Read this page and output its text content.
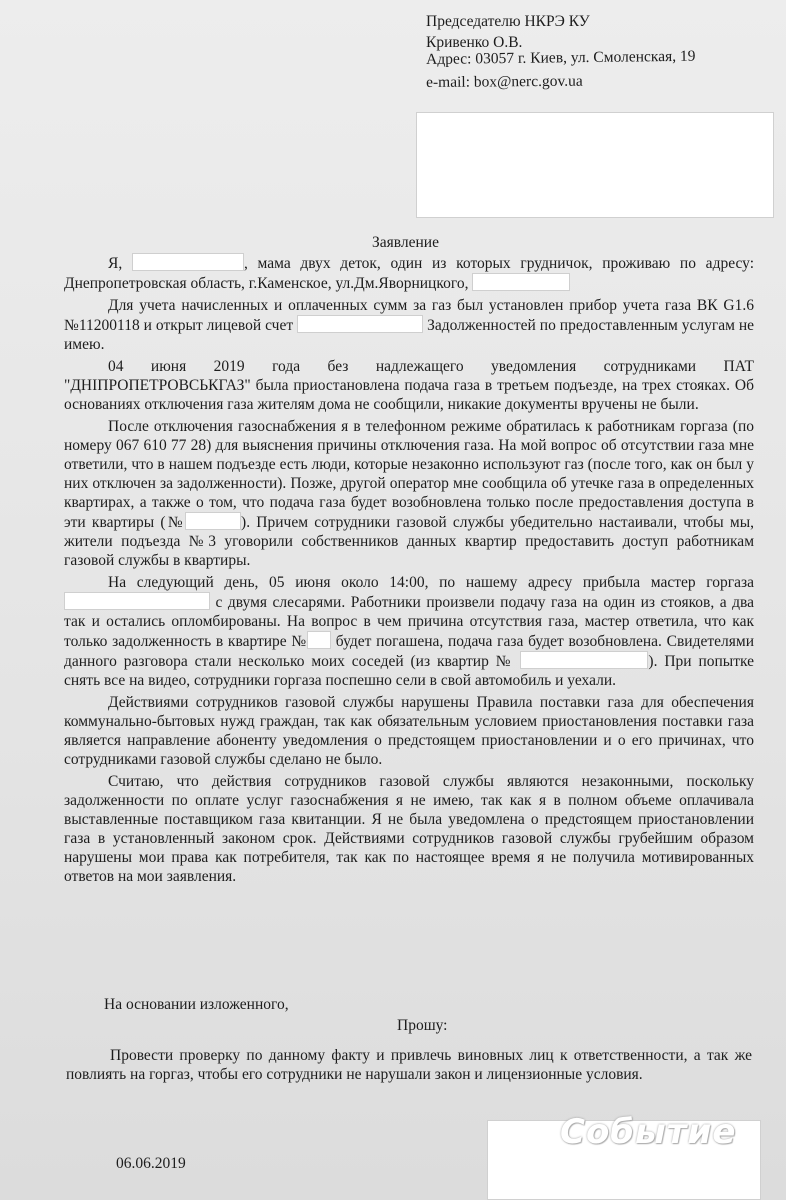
Председателю НКРЭ КУ
Кривенко О.В.
Адрес: 03057 г. Киев, ул. Смоленская, 19
e-mail: box@nerc.gov.ua
Заявление

Я,	, мама двух деток, один из которых грудничок, проживаю по адресу: Днепропетровская область, г.Каменское, ул.Дм.Яворницкого,

Для учета начисленных и оплаченных сумм за газ был установлен прибор учета газа ВК G1.6 №11200118 и открыт лицевой счет	Задолженностей по предоставленным услугам не имею.

04 июня 2019 года без надлежащего уведомления сотрудниками ПАТ "ДНІПРОПЕТРОВСЬКГАЗ" была приостановлена подача газа в третьем подъезде, на трех стояках. Об основаниях отключения газа жителям дома не сообщили, никакие документы вручены не были.

После отключения газоснабжения я в телефонном режиме обратилась к работникам горгаза (по номеру 067 610 77 28) для выяснения причины отключения газа. На мой вопрос об отсутствии газа мне ответили, что в нашем подъезде есть люди, которые незаконно используют газ (после того, как он был у них отключен за задолженности). Позже, другой оператор мне сообщила об утечке газа в определенных квартирах, а также о том, что подача газа будет возобновлена только после предоставления доступа в эти квартиры (№	). Причем сотрудники газовой службы убедительно настаивали, чтобы мы, жители подъезда №3 уговорили собственников данных квартир предоставить доступ работникам газовой службы в квартиры.

На следующий день, 05 июня около 14:00, по нашему адресу прибыла мастер горгаза  с двумя слесарями. Работники произвели подачу газа на один из стояков, а два так и остались опломбированы. На вопрос в чем причина отсутствия газа, мастер ответила, что как только задолженность в квартире № будет погашена, подача газа будет возобновлена. Свидетелями данного разговора стали несколько моих соседей (из квартир №	). При попытке снять все на видео, сотрудники горгаза поспешно сели в свой автомобиль и уехали.

Действиями сотрудников газовой службы нарушены Правила поставки газа для обеспечения коммунально-бытовых нужд граждан, так как обязательным условием приостановления поставки газа является направление абоненту уведомления о предстоящем приостановлении и о его причинах, что сотрудниками газовой службы сделано не было.

Считаю, что действия сотрудников газовой службы являются незаконными, поскольку задолженности по оплате услуг газоснабжения я не имею, так как я в полном объеме оплачивала выставленные поставщиком газа квитанции. Я не была уведомлена о предстоящем приостановлении газа в установленный законом срок. Действиями сотрудников газовой службы грубейшим образом нарушены мои права как потребителя, так как по настоящее время я не получила мотивированных ответов на мои заявления.

На основании изложенного,
Прошу:

Провести проверку по данному факту и привлечь виновных лиц к ответственности, а так же повлиять на горгаз, чтобы его сотрудники не нарушали закон и лицензионные условия.

06.06.2019
Событие
